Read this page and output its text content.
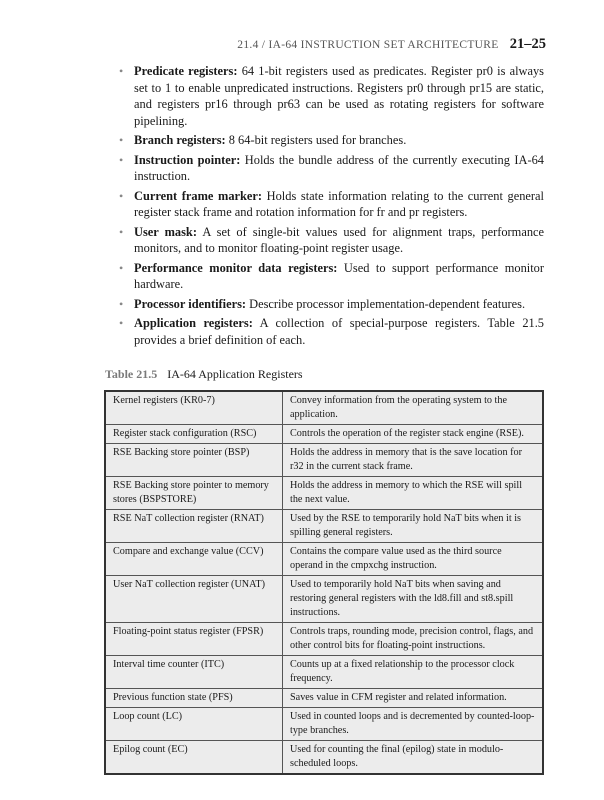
21.4 / IA-64 INSTRUCTION SET ARCHITECTURE 21–25
• Predicate registers: 64 1-bit registers used as predicates. Register pr0 is always set to 1 to enable unpredicated instructions. Registers pr0 through pr15 are static, and registers pr16 through pr63 can be used as rotating registers for software pipelining.
• Branch registers: 8 64-bit registers used for branches.
• Instruction pointer: Holds the bundle address of the currently executing IA-64 instruction.
• Current frame marker: Holds state information relating to the current general register stack frame and rotation information for fr and pr registers.
• User mask: A set of single-bit values used for alignment traps, performance monitors, and to monitor floating-point register usage.
• Performance monitor data registers: Used to support performance monitor hardware.
• Processor identifiers: Describe processor implementation-dependent features.
• Application registers: A collection of special-purpose registers. Table 21.5 provides a brief definition of each.
Table 21.5 IA-64 Application Registers
Kernel registers (KR0-7)	Convey information from the operating system to the application.
Register stack configuration (RSC)	Controls the operation of the register stack engine (RSE).
RSE Backing store pointer (BSP)	Holds the address in memory that is the save location for r32 in the current stack frame.
RSE Backing store pointer to memory stores (BSPSTORE)	Holds the address in memory to which the RSE will spill the next value.
RSE NaT collection register (RNAT)	Used by the RSE to temporarily hold NaT bits when it is spilling general registers.
Compare and exchange value (CCV)	Contains the compare value used as the third source operand in the cmpxchg instruction.
User NaT collection register (UNAT)	Used to temporarily hold NaT bits when saving and restoring general registers with the ld8.fill and st8.spill instructions.
Floating-point status register (FPSR)	Controls traps, rounding mode, precision control, flags, and other control bits for floating-point instructions.
Interval time counter (ITC)	Counts up at a fixed relationship to the processor clock frequency.
Previous function state (PFS)	Saves value in CFM register and related information.
Loop count (LC)	Used in counted loops and is decremented by counted-loop-type branches.
Epilog count (EC)	Used for counting the final (epilog) state in modulo-scheduled loops.
